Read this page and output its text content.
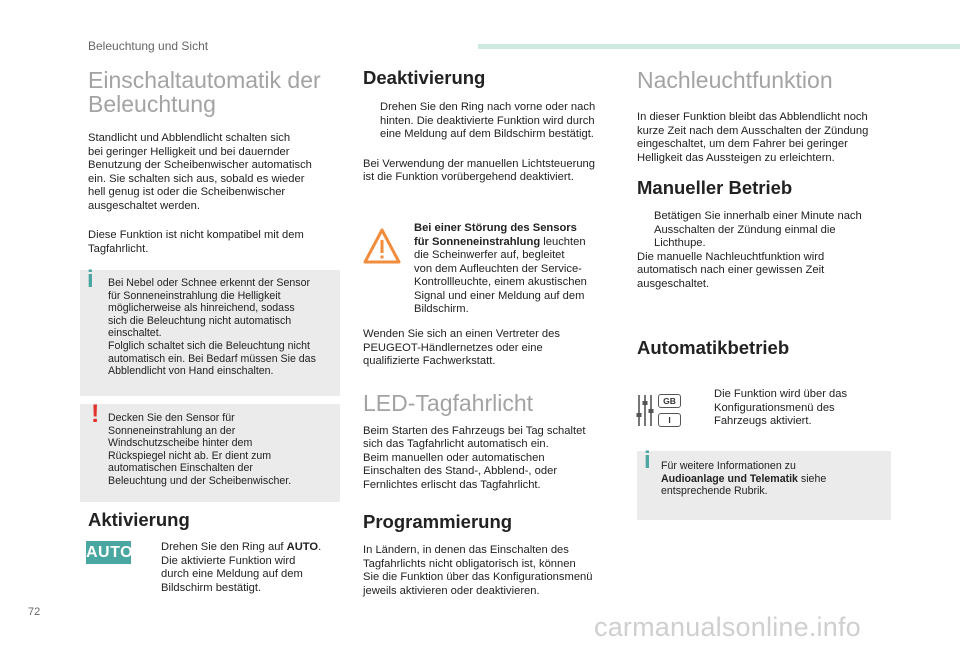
Beleuchtung und Sicht
Einschaltautomatik der
Beleuchtung

Standlicht und Abblendlicht schalten sich
bei geringer Helligkeit und bei dauernder
Benutzung der Scheibenwischer automatisch
ein. Sie schalten sich aus, sobald es wieder
hell genug ist oder die Scheibenwischer
ausgeschaltet werden.

Diese Funktion ist nicht kompatibel mit dem
Tagfahrlicht.

i Bei Nebel oder Schnee erkennt der Sensor
für Sonneneinstrahlung die Helligkeit
möglicherweise als hinreichend, sodass
sich die Beleuchtung nicht automatisch
einschaltet.
Folglich schaltet sich die Beleuchtung nicht
automatisch ein. Bei Bedarf müssen Sie das
Abblendlicht von Hand einschalten.

! Decken Sie den Sensor für
Sonneneinstrahlung an der
Windschutzscheibe hinter dem
Rückspiegel nicht ab. Er dient zum
automatischen Einschalten der
Beleuchtung und der Scheibenwischer.

Aktivierung
AUTO Drehen Sie den Ring auf AUTO.
Die aktivierte Funktion wird
durch eine Meldung auf dem
Bildschirm bestätigt.

Deaktivierung

Drehen Sie den Ring nach vorne oder nach
hinten. Die deaktivierte Funktion wird durch
eine Meldung auf dem Bildschirm bestätigt.

Bei Verwendung der manuellen Lichtsteuerung
ist die Funktion vorübergehend deaktiviert.

Bei einer Störung des Sensors
für Sonneneinstrahlung leuchten
die Scheinwerfer auf, begleitet
von dem Aufleuchten der Service-
Kontrollleuchte, einem akustischen
Signal und einer Meldung auf dem
Bildschirm.

Wenden Sie sich an einen Vertreter des
PEUGEOT-Händlernetzes oder eine
qualifizierte Fachwerkstatt.

LED-Tagfahrlicht

Beim Starten des Fahrzeugs bei Tag schaltet
sich das Tagfahrlicht automatisch ein.
Beim manuellen oder automatischen
Einschalten des Stand-, Abblend-, oder
Fernlichtes erlischt das Tagfahrlicht.

Programmierung

In Ländern, in denen das Einschalten des
Tagfahrlichts nicht obligatorisch ist, können
Sie die Funktion über das Konfigurationsmenü
jeweils aktivieren oder deaktivieren.

Nachleuchtfunktion

In dieser Funktion bleibt das Abblendlicht noch
kurze Zeit nach dem Ausschalten der Zündung
eingeschaltet, um dem Fahrer bei geringer
Helligkeit das Aussteigen zu erleichtern.

Manueller Betrieb

Betätigen Sie innerhalb einer Minute nach
Ausschalten der Zündung einmal die
Lichthupe.

Die manuelle Nachleuchtfunktion wird
automatisch nach einer gewissen Zeit
ausgeschaltet.

Automatikbetrieb
GB
I

Die Funktion wird über das
Konfigurationsmenü des
Fahrzeugs aktiviert.

i Für weitere Informationen zu
Audioanlage und Telematik siehe
entsprechende Rubrik.

72	carmanualsonline.info
